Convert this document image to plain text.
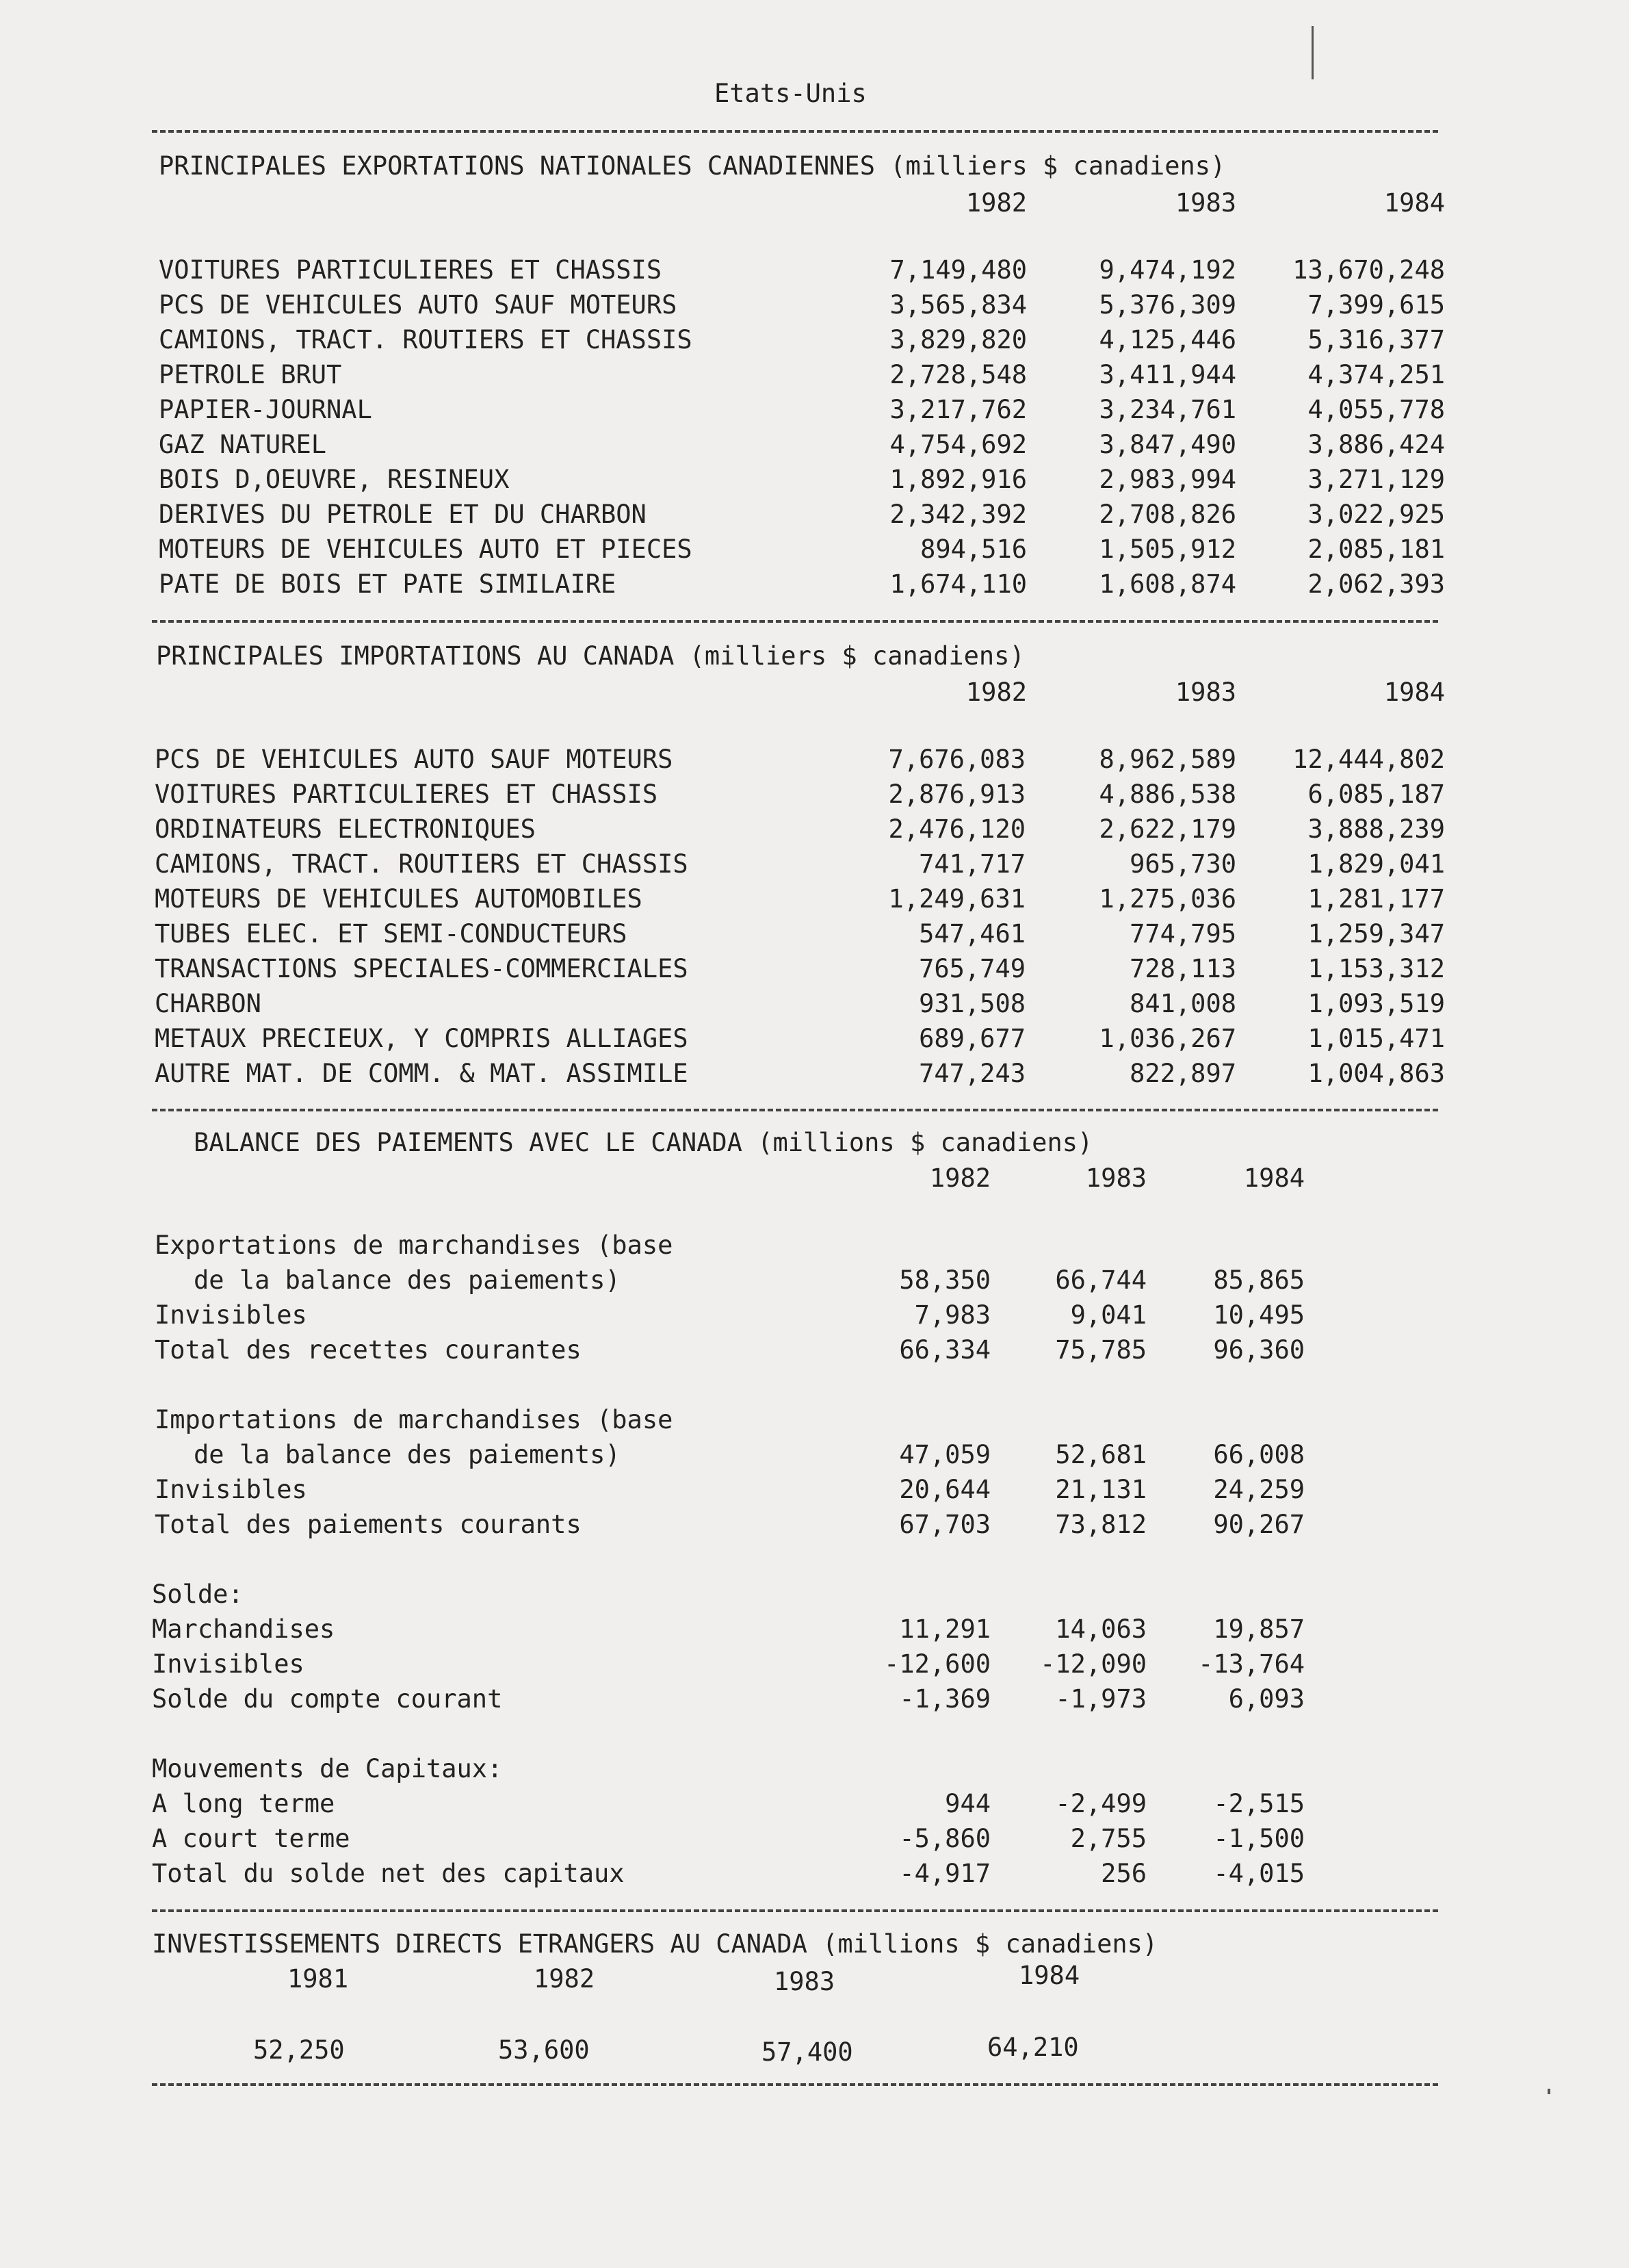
Etats-Unis
PRINCIPALES EXPORTATIONS NATIONALES CANADIENNES (milliers $ canadiens)
1982	1983	1984
VOITURES PARTICULIERES ET CHASSIS	7,149,480	9,474,192 13,670,248
PCS DE VEHICULES AUTO SAUF MOTEURS	3,565,834	5,376,309	7,399,615
CAMIONS, TRACT. ROUTIERS ET CHASSIS	3,829,820	4,125,446	5,316,377
PETROLE BRUT	2,728,548	3,411,944	4,374,251
PAPIER-JOURNAL	3,217,762	3,234,761	4,055,778
GAZ NATUREL	4,754,692	3,847,490	3,886,424
BOIS D,OEUVRE, RESINEUX	1,892,916	2,983,994	3,271,129
DERIVES DU PETROLE ET DU CHARBON	2,342,392	2,708,826	3,022,925
MOTEURS DE VEHICULES AUTO ET PIECES	894,516	1,505,912	2,085,181
PATE DE BOIS ET PATE SIMILAIRE	1,674,110	1,608,874	2,062,393
PRINCIPALES IMPORTATIONS AU CANADA (milliers $ canadiens)
1982	1983	1984
PCS DE VEHICULES AUTO SAUF MOTEURS	7,676,083	8,962,589 12,444,802
VOITURES PARTICULIERES ET CHASSIS	2,876,913	4,886,538	6,085,187
ORDINATEURS ELECTRONIQUES	2,476,120	2,622,179	3,888,239
CAMIONS, TRACT. ROUTIERS ET CHASSIS	741,717	965,730	1,829,041
MOTEURS DE VEHICULES AUTOMOBILES	1,249,631	1,275,036	1,281,177
TUBES ELEC. ET SEMI-CONDUCTEURS	547,461	774,795	1,259,347
TRANSACTIONS SPECIALES-COMMERCIALES	765,749	728,113	1,153,312
CHARBON	931,508	841,008	1,093,519
METAUX PRECIEUX, Y COMPRIS ALLIAGES	689,677	1,036,267	1,015,471
AUTRE MAT. DE COMM. & MAT. ASSIMILE	747,243	822,897	1,004,863
BALANCE DES PAIEMENTS AVEC LE CANADA (millions $ canadiens)
1982	1983	1984
Exportations de marchandises (base
de la balance des paiements)	58,350	66,744	85,865
Invisibles	7,983	9,041	10,495
Total des recettes courantes	66,334	75,785	96,360
Importations de marchandises (base
de la balance des paiements)	47,059	52,681	66,008
Invisibles	20,644	21,131	24,259
Total des paiements courants	67,703	73,812	90,267
Solde:
Marchandises	11,291	14,063	19,857
Invisibles	-12,600 -12,090 -13,764
Solde du compte courant	-1,369	-1,973	6,093
Mouvements de Capitaux:
A long terme	944	-2,499	-2,515
A court terme	-5,860	2,755	-1,500
Total du solde net des capitaux	-4,917	256	-4,015
INVESTISSEMENTS DIRECTS ETRANGERS AU CANADA (millions $ canadiens)
1981	1982	1983	1984
52,250	53,600	57,400	64,210
